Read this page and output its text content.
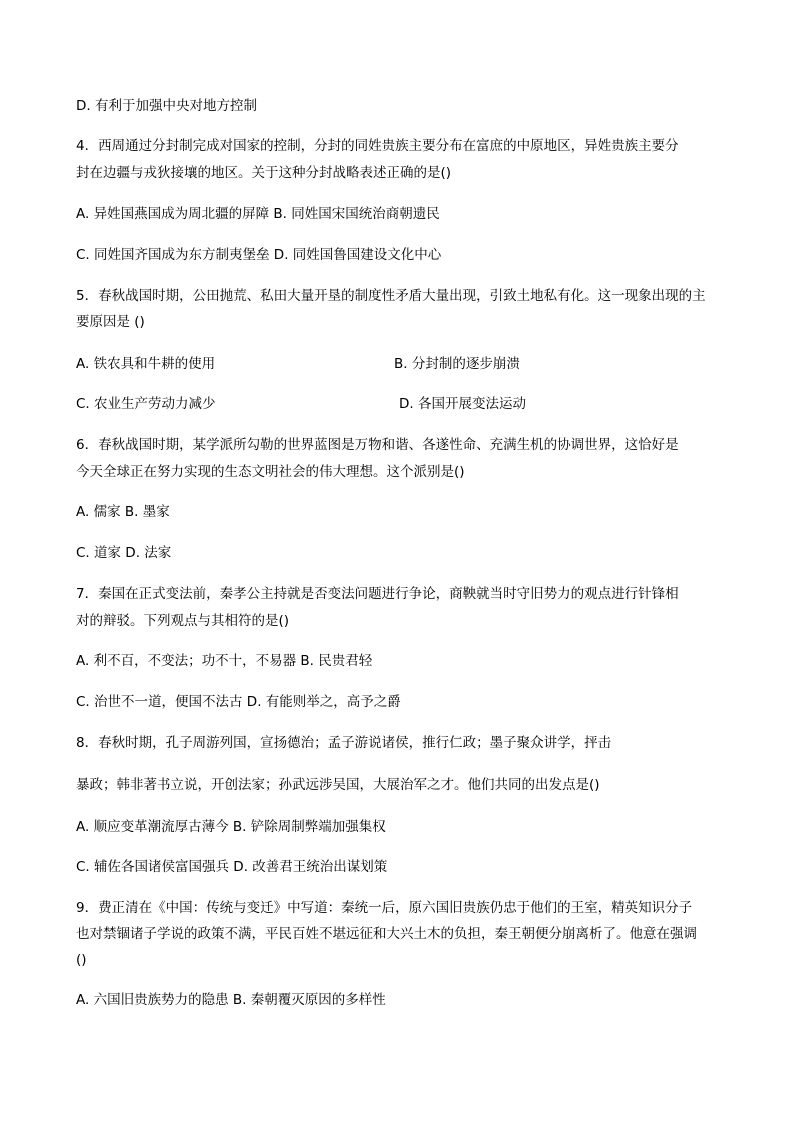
D. 有利于加强中央对地方控制
4．西周通过分封制完成对国家的控制，分封的同姓贵族主要分布在富庶的中原地区，异姓贵族主要分
封在边疆与戎狄接壤的地区。关于这种分封战略表述正确的是()
A. 异姓国燕国成为周北疆的屏障 B. 同姓国宋国统治商朝遗民
C. 同姓国齐国成为东方制夷堡垒 D. 同姓国鲁国建设文化中心
5．春秋战国时期，公田抛荒、私田大量开垦的制度性矛盾大量出现，引致土地私有化。这一现象出现的主
要原因是 ()
A. 铁农具和牛耕的使用	B. 分封制的逐步崩溃
C. 农业生产劳动力减少	D. 各国开展变法运动
6．春秋战国时期，某学派所勾勒的世界蓝图是万物和谐、各遂性命、充满生机的协调世界，这恰好是
今天全球正在努力实现的生态文明社会的伟大理想。这个派别是()
A. 儒家 B. 墨家
C. 道家 D. 法家
7．秦国在正式变法前，秦孝公主持就是否变法问题进行争论，商鞅就当时守旧势力的观点进行针锋相
对的辩驳。下列观点与其相符的是()
A. 利不百，不变法；功不十，不易器 B. 民贵君轻
C. 治世不一道，便国不法古 D. 有能则举之，高予之爵
8．春秋时期，孔子周游列国，宣扬德治；孟子游说诸侯，推行仁政；墨子聚众讲学，抨击
暴政；韩非著书立说，开创法家；孙武远涉吴国，大展治军之才。他们共同的出发点是()
A. 顺应变革潮流厚古薄今 B. 铲除周制弊端加强集权
C. 辅佐各国诸侯富国强兵 D. 改善君王统治出谋划策
9．费正清在《中国：传统与变迁》中写道：秦统一后，原六国旧贵族仍忠于他们的王室，精英知识分子
也对禁锢诸子学说的政策不满，平民百姓不堪远征和大兴土木的负担，秦王朝便分崩离析了。他意在强调
()
A. 六国旧贵族势力的隐患 B. 秦朝覆灭原因的多样性
